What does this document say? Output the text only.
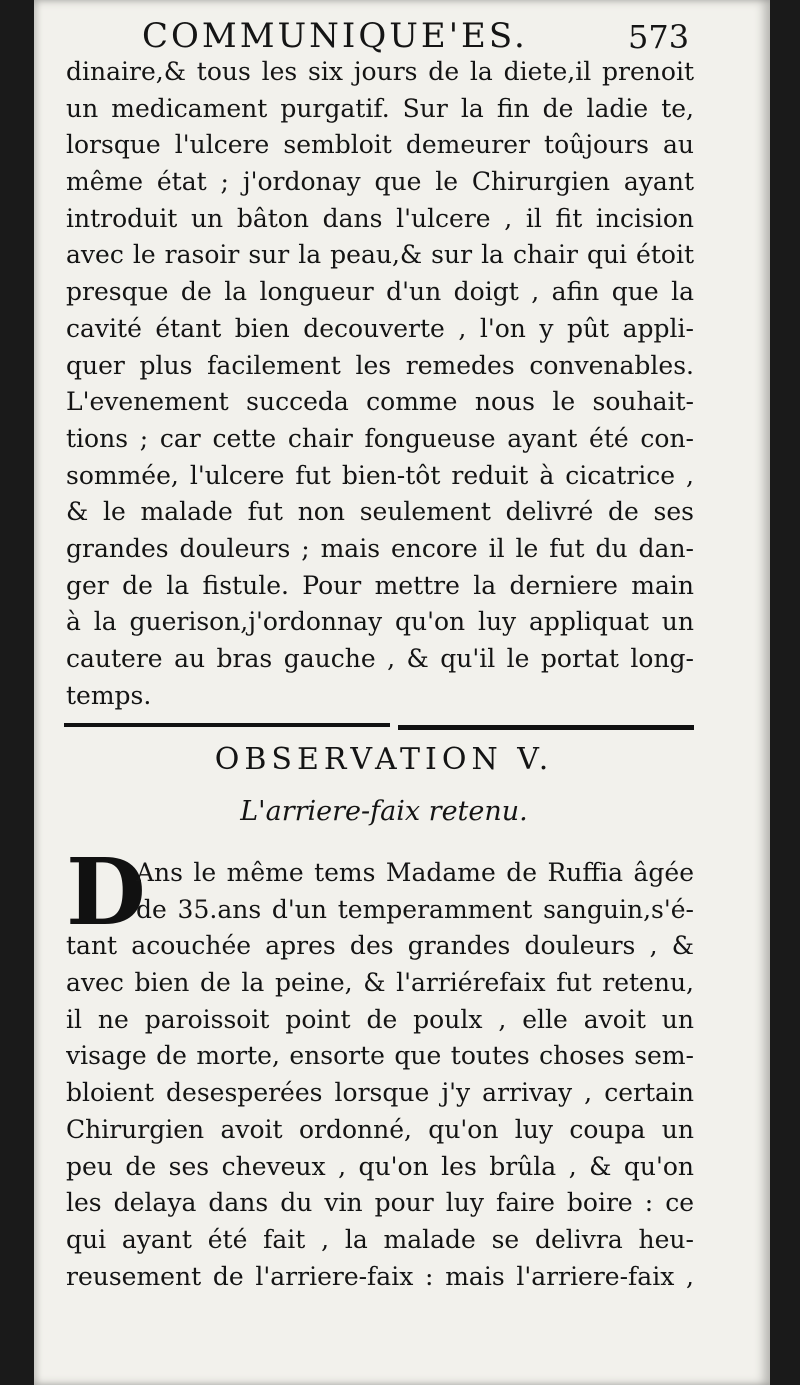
COMMUNIQUE'ES.	573
dinaire,& tous les six jours de la diete,il prenoit
un medicament purgatif. Sur la fin de ladie te,
lorsque l'ulcere sembloit demeurer toûjours au
même état ; j'ordonay que le Chirurgien ayant
introduit un bâton dans l'ulcere , il fit incision
avec le rasoir sur la peau,& sur la chair qui étoit
presque de la longueur d'un doigt , afin que la
cavité étant bien decouverte , l'on y pût appli-
quer plus facilement les remedes convenables.
L'evenement succeda comme nous le souhait-
tions ; car cette chair fongueuse ayant été con-
sommée, l'ulcere fut bien-tôt reduit à cicatrice ,
& le malade fut non seulement delivré de ses
grandes douleurs ; mais encore il le fut du dan-
ger de la fistule. Pour mettre la derniere main
à la guerison,j'ordonnay qu'on luy appliquat un
cautere au bras gauche , & qu'il le portat long-
temps.
OBSERVATION V.
L'arriere-faix retenu.
D
Ans le même tems Madame de Ruffia âgée
de 35.ans d'un temperamment sanguin,s'é-
tant acouchée apres des grandes douleurs , &
avec bien de la peine, & l'arriérefaix fut retenu,
il ne paroissoit point de poulx , elle avoit un
visage de morte, ensorte que toutes choses sem-
bloient desesperées lorsque j'y arrivay , certain
Chirurgien avoit ordonné, qu'on luy coupa un
peu de ses cheveux , qu'on les brûla , & qu'on
les delaya dans du vin pour luy faire boire : ce
qui ayant été fait , la malade se delivra heu-
reusement de l'arriere-faix : mais l'arriere-faix ,
